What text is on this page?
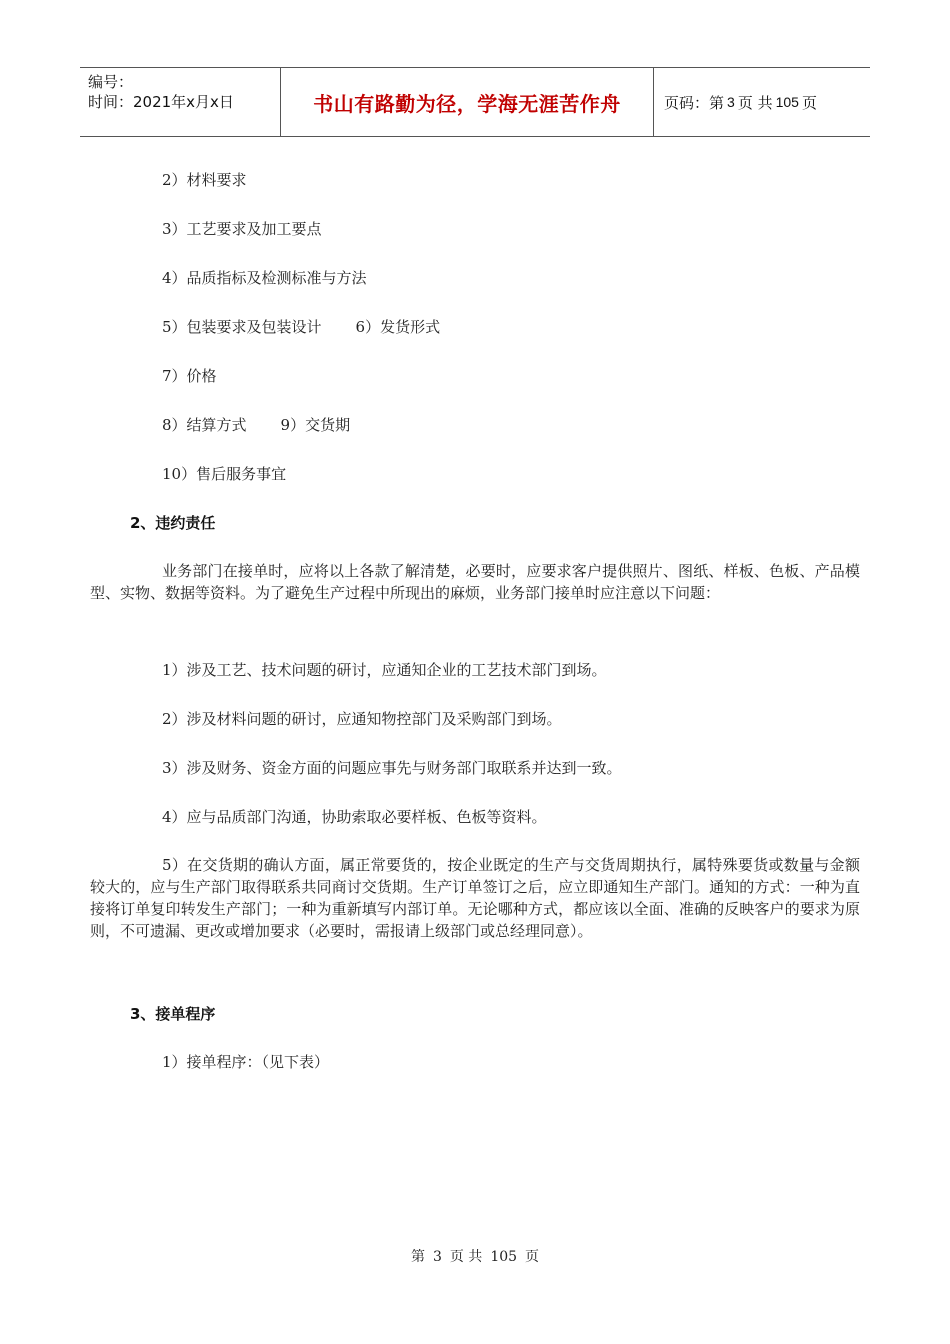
编号：
时间：2021年x月x日	书山有路勤为径，学海无涯苦作舟	页码：第 3 页 共 105 页
2）材料要求
3）工艺要求及加工要点
4）品质指标及检测标准与方法
5）包装要求及包装设计 6）发货形式
7）价格
8）结算方式 9）交货期
10）售后服务事宜
2、违约责任
业务部门在接单时，应将以上各款了解清楚，必要时，应要求客户提供照片、图纸、样板、色板、产品模型、实物、数据等资料。为了避免生产过程中所现出的麻烦，业务部门接单时应注意以下问题：
1）涉及工艺、技术问题的研讨，应通知企业的工艺技术部门到场。
2）涉及材料问题的研讨，应通知物控部门及采购部门到场。
3）涉及财务、资金方面的问题应事先与财务部门取联系并达到一致。
4）应与品质部门沟通，协助索取必要样板、色板等资料。
5）在交货期的确认方面，属正常要货的，按企业既定的生产与交货周期执行，属特殊要货或数量与金额较大的，应与生产部门取得联系共同商讨交货期。生产订单签订之后，应立即通知生产部门。通知的方式：一种为直接将订单复印转发生产部门；一种为重新填写内部订单。无论哪种方式，都应该以全面、准确的反映客户的要求为原则，不可遗漏、更改或增加要求（必要时，需报请上级部门或总经理同意）。
3、接单程序
1）接单程序：（见下表）
第 3 页 共 105 页
